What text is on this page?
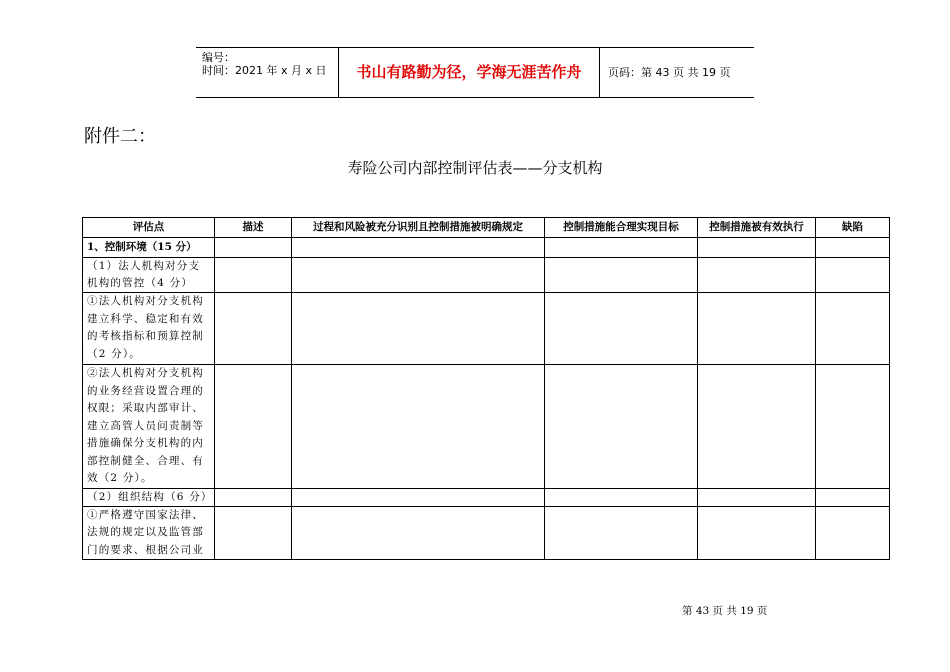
编号：
时间：2021 年 x 月 x 日	书山有路勤为径，学海无涯苦作舟	页码：第 43 页 共 19 页
附件二：
寿险公司内部控制评估表——分支机构
评估点	描述	过程和风险被充分识别且控制措施被明确规定	控制措施能合理实现目标	控制措施被有效执行	缺陷
1、控制环境（15 分）					
（1）法人机构对分支机构的管控（4 分）					
①法人机构对分支机构建立科学、稳定和有效的考核指标和预算控制（2 分）。					
②法人机构对分支机构的业务经营设置合理的权限；采取内部审计、建立高管人员问责制等措施确保分支机构的内部控制健全、合理、有效（2 分）。					
（2）组织结构（6 分）					
①严格遵守国家法律、法规的规定以及监管部门的要求、根据公司业					
第 43 页 共 19 页
